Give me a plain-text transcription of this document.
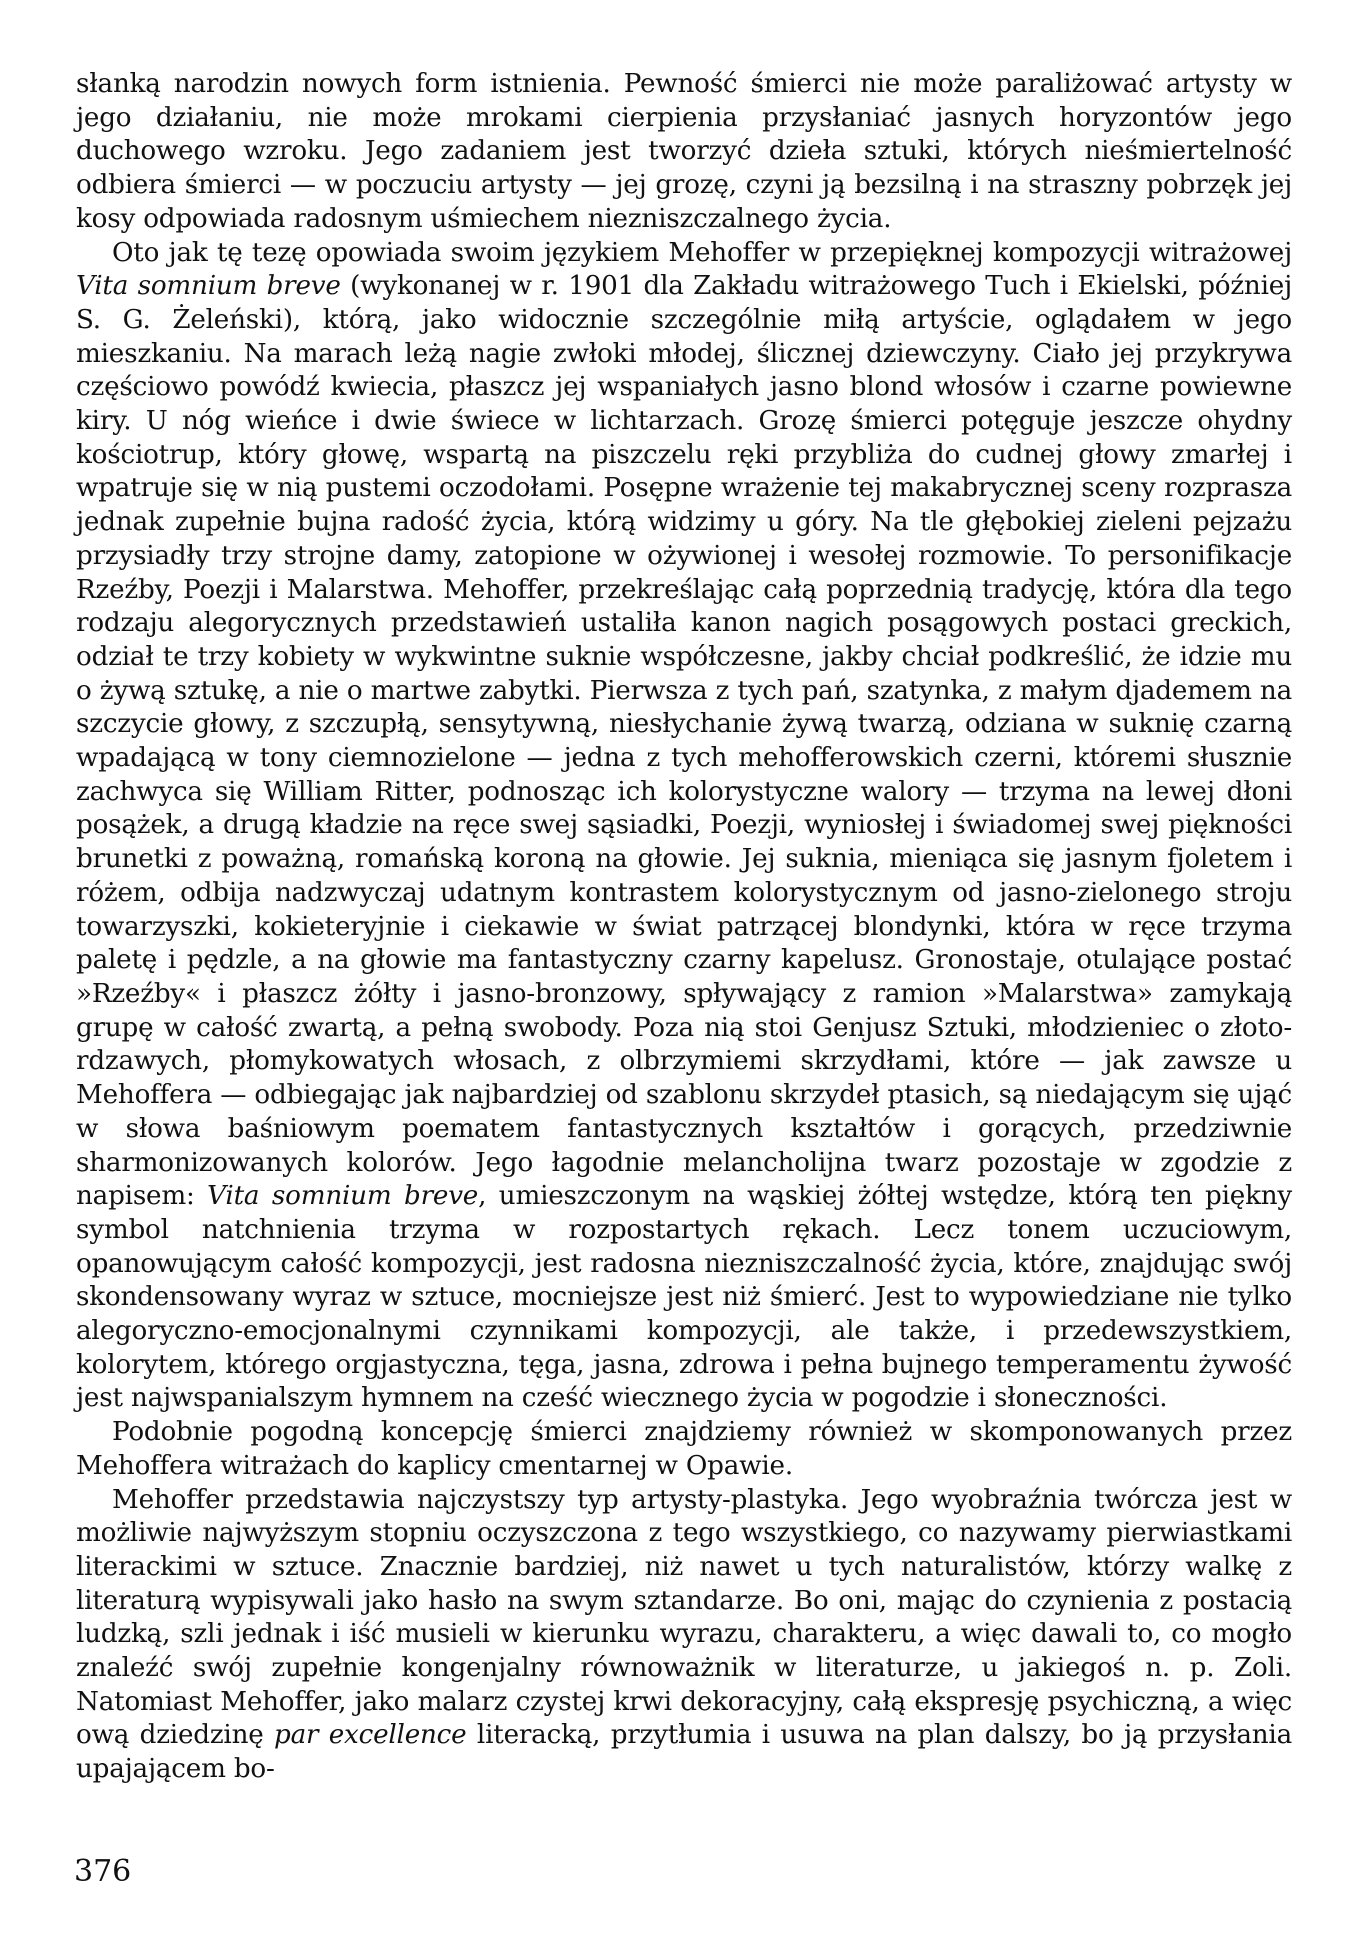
słanką narodzin nowych form istnienia. Pewność śmierci nie może paraliżować artysty w jego działaniu, nie może mrokami cierpienia przysłaniać jasnych horyzontów jego duchowego wzroku. Jego zadaniem jest tworzyć dzieła sztuki, których nieśmiertelność odbiera śmierci — w poczuciu artysty — jej grozę, czyni ją bezsilną i na straszny pobrzęk jej kosy odpowiada radosnym uśmiechem niezniszczalnego życia.

Oto jak tę tezę opowiada swoim językiem Mehoffer w przepięknej kompozycji witrażowej Vita somnium breve (wykonanej w r. 1901 dla Zakładu witrażowego Tuch i Ekielski, później S. G. Żeleński), którą, jako widocznie szczególnie miłą artyście, oglądałem w jego mieszkaniu. Na marach leżą nagie zwłoki młodej, ślicznej dziewczyny. Ciało jej przykrywa częściowo powódź kwiecia, płaszcz jej wspaniałych jasno blond włosów i czarne powiewne kiry. U nóg wieńce i dwie świece w lichtarzach. Grozę śmierci potęguje jeszcze ohydny kościotrup, który głowę, wspartą na piszczelu ręki przybliża do cudnej głowy zmarłej i wpatruje się w nią pustemi oczodołami. Posępne wrażenie tej makabrycznej sceny rozprasza jednak zupełnie bujna radość życia, którą widzimy u góry. Na tle głębokiej zieleni pejzażu przysiadły trzy strojne damy, zatopione w ożywionej i wesołej rozmowie. To personifikacje Rzeźby, Poezji i Malarstwa. Mehoffer, przekreślając całą poprzednią tradycję, która dla tego rodzaju alegorycznych przedstawień ustaliła kanon nagich posągowych postaci greckich, odział te trzy kobiety w wykwintne suknie współczesne, jakby chciał podkreślić, że idzie mu o żywą sztukę, a nie o martwe zabytki. Pierwsza z tych pań, szatynka, z małym djademem na szczycie głowy, z szczupłą, sensytywną, niesłychanie żywą twarzą, odziana w suknię czarną wpadającą w tony ciemnozielone — jedna z tych mehofferowskich czerni, któremi słusznie zachwyca się William Ritter, podnosząc ich kolorystyczne walory — trzyma na lewej dłoni posążek, a drugą kładzie na ręce swej sąsiadki, Poezji, wyniosłej i świadomej swej piękności brunetki z poważną, romańską koroną na głowie. Jej suknia, mieniąca się jasnym fjoletem i różem, odbija nadzwyczaj udatnym kontrastem kolorystycznym od jasno-zielonego stroju towarzyszki, kokieteryjnie i ciekawie w świat patrzącej blondynki, która w ręce trzyma paletę i pędzle, a na głowie ma fantastyczny czarny kapelusz. Gronostaje, otulające postać »Rzeźby« i płaszcz żółty i jasno-bronzowy, spływający z ramion »Malarstwa» zamykają grupę w całość zwartą, a pełną swobody. Poza nią stoi Genjusz Sztuki, młodzieniec o złoto-rdzawych, płomykowatych włosach, z olbrzymiemi skrzydłami, które — jak zawsze u Mehoffera — odbiegając jak najbardziej od szablonu skrzydeł ptasich, są niedającym się ująć w słowa baśniowym poematem fantastycznych kształtów i gorących, przedziwnie sharmonizowanych kolorów. Jego łagodnie melancholijna twarz pozostaje w zgodzie z napisem: Vita somnium breve, umieszczonym na wąskiej żółtej wstędze, którą ten piękny symbol natchnienia trzyma w rozpostartych rękach. Lecz tonem uczuciowym, opanowującym całość kompozycji, jest radosna niezniszczalność życia, które, znajdując swój skondensowany wyraz w sztuce, mocniejsze jest niż śmierć. Jest to wypowiedziane nie tylko alegoryczno-emocjonalnymi czynnikami kompozycji, ale także, i przedewszystkiem, kolorytem, którego orgjastyczna, tęga, jasna, zdrowa i pełna bujnego temperamentu żywość jest najwspanialszym hymnem na cześć wiecznego życia w pogodzie i słoneczności.

Podobnie pogodną koncepcję śmierci znajdziemy również w skomponowanych przez Mehoffera witrażach do kaplicy cmentarnej w Opawie.

Mehoffer przedstawia najczystszy typ artysty-plastyka. Jego wyobraźnia twórcza jest w możliwie najwyższym stopniu oczyszczona z tego wszystkiego, co nazywamy pierwiastkami literackimi w sztuce. Znacznie bardziej, niż nawet u tych naturalistów, którzy walkę z literaturą wypisywali jako hasło na swym sztandarze. Bo oni, mając do czynienia z postacią ludzką, szli jednak i iść musieli w kierunku wyrazu, charakteru, a więc dawali to, co mogło znaleźć swój zupełnie kongenjalny równoważnik w literaturze, u jakiegoś n. p. Zoli. Natomiast Mehoffer, jako malarz czystej krwi dekoracyjny, całą ekspresję psychiczną, a więc ową dziedzinę par excellence literacką, przytłumia i usuwa na plan dalszy, bo ją przysłania upajającem bo-

376
